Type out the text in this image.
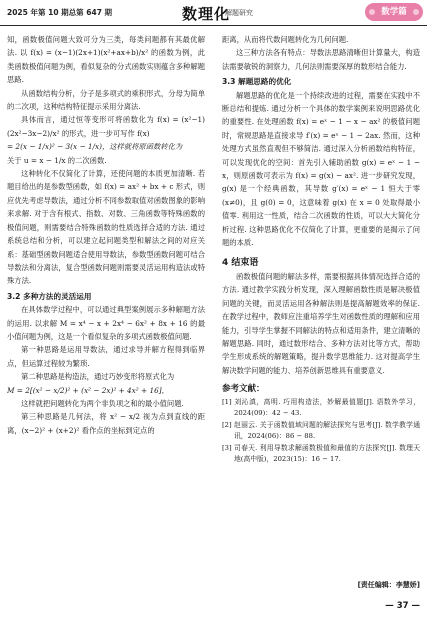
2025 年第 10 期总第 647 期	数理化
解题研究	数学篇

知，函数极值问题大致可分为三类，每类问题都有其最优解法. 以 f(x) = (x−1)(2x+1)(x²+ax+b)/x² 的函数为例，此类函数极值问题为例，看似复杂的分式函数实则蕴含多种解题思路.

从函数结构分析，分子是多项式的乘积形式，分母为简单的二次项，这种结构特征提示采用分离法.

具体而言，通过恒等变形可将函数化为 f(x) = (x²−1)(2x²−3x−2)/x² 的形式，进一步可写作 f(x)

= 2(x − 1/x)² − 3(x − 1/x)，这样就将原函数转化为

关于 u = x − 1/x 的二次函数.

这种转化不仅简化了计算，还使问题的本质更加清晰. 若题目给出的是参数型函数，如 f(x) = ax² + bx + c 形式，则应优先考虑导数法，通过分析不同参数取值对函数图象的影响来求解. 对于含有根式、指数、对数、三角函数等特殊函数的极值问题，则需要结合特殊函数的性质选择合适的方法. 通过系统总结和分析，可以建立起问题类型和解法之间的对应关系：基础型函数问题适合使用导数法，参数型函数问题可结合导数法和分离法，复合型函数问题则需要灵活运用构造法或特殊方法.

3.2 多种方法的灵活运用

在具体数学过程中，可以通过典型案例展示多种解题方法的运用. 以求解 M = x⁴ − x + 2x⁴ − 6x² + 8x + 16 的最小值问题为例，这是一个看似复杂的多项式函数极值问题.

第一种思路是运用导数法，通过求导并解方程得到临界点，但运算过程较为繁琐.

第二种思路是构造法，通过巧妙变形将原式化为

M = 2[(x² − x/2)² + (x² − 2x)² + 4x² + 16]，

这样就把问题转化为两个非负项之和的最小值问题.

第三种思路是几何法，将 x² − x/2 视为点到直线的距离，(x−2)² + (x+2)² 看作点的坐标到定点的

距离，从而将代数问题转化为几何问题.

这三种方法各有特点：导数法思路清晰但计算量大，构造法需要敏锐的洞察力，几何法则需要深厚的数形结合能力.

3.3 解题思路的优化

解题思路的优化是一个持续改进的过程，需要在实践中不断总结和提炼. 通过分析一个具体的数学案例来说明思路优化的重要性. 在处理函数 f(x) = eˣ − 1 − x − ax² 的极值问题时，常规思路是直接求导 f′(x) = eˣ − 1 − 2ax. 然而，这种处理方式虽然直观但不够简洁. 通过深入分析函数结构特征，可以发现优化的空间：首先引入辅助函数 g(x) = eˣ − 1 − x，则原函数可表示为 f(x) = g(x) − ax². 进一步研究发现，g(x) 是一个经典函数，其导数 g′(x) = eˣ − 1 恒大于零(x≠0)，且 g(0) = 0，这意味着 g(x) 在 x = 0 处取得最小值零. 利用这一性质，结合二次函数的性质，可以大大简化分析过程. 这种思路优化不仅简化了计算，更重要的是揭示了问题的本质.

4 结束语

函数极值问题的解法多样，需要根据具体情况选择合适的方法. 通过教学实践分析发现，深入理解函数性质是解决极值问题的关键，而灵活运用各种解法则是提高解题效率的保证. 在教学过程中，教师应注重培养学生对函数性质的理解和应用能力，引导学生掌握不同解法的特点和适用条件，建立清晰的解题思路. 同时，通过数形结合、多种方法对比等方式，帮助学生形成系统的解题策略，提升数学思维能力. 这对提高学生解决数学问题的能力、培养创新思维具有重要意义.

参考文献：

[1] 刘沁滇，高明. 巧用构造法，妙解最值题[J]. 语数外学习，2024(09)：42 − 43.

[2] 赵丽云. 关于函数值域问题的解法探究与思考[J]. 数学教学通讯，2024(06)：86 − 88.

[3] 司春天. 利用导数求解函数极值和最值的方法探究[J]. 数理天地(高中版)，2023(15)：16 − 17.

[责任编辑：李慧娇]
— 37 —
